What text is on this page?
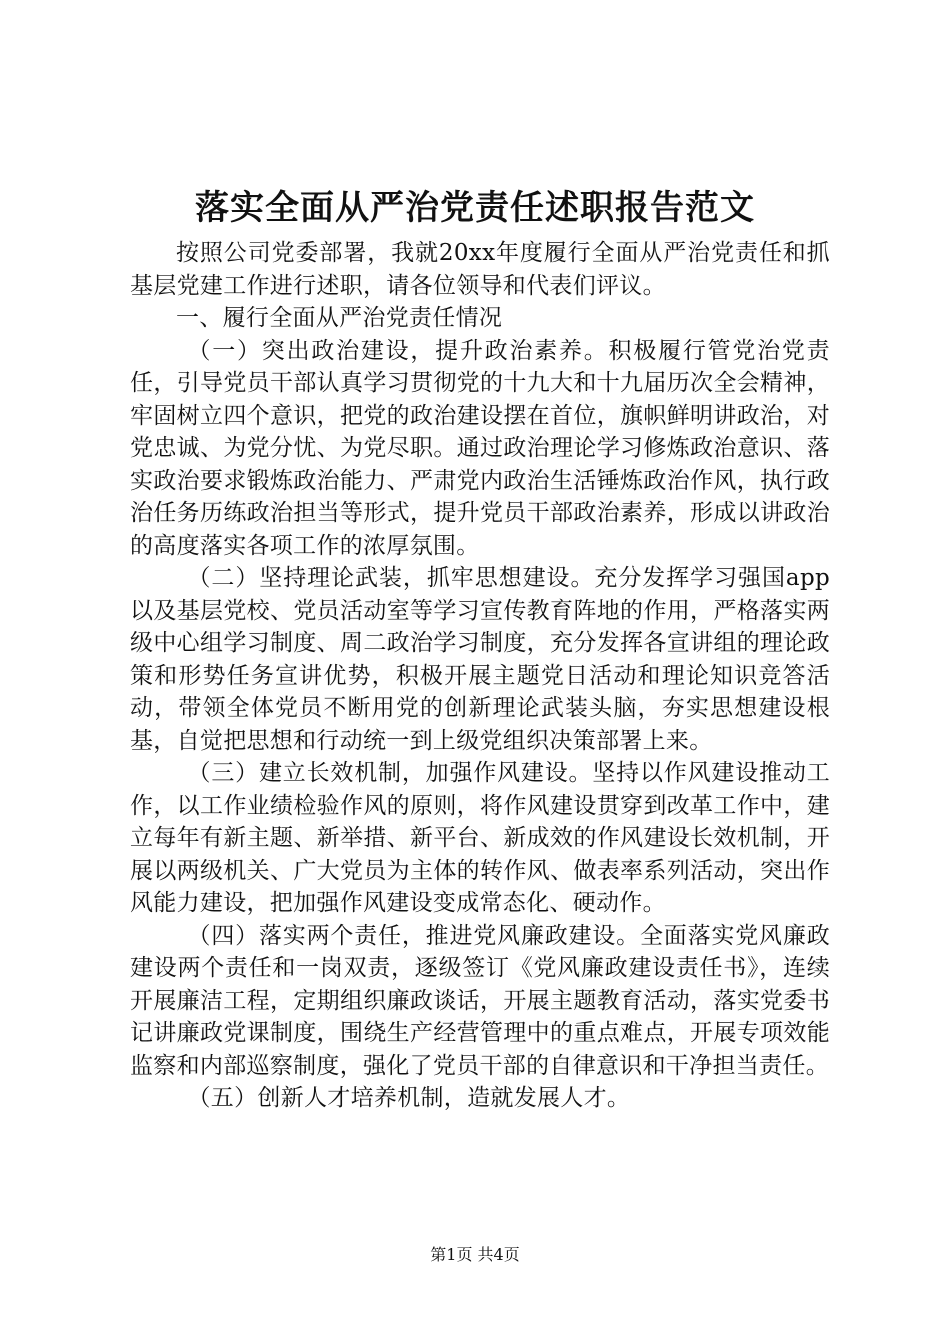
落实全面从严治党责任述职报告范文

按照公司党委部署，我就20xx年度履行全面从严治党责任和抓基层党建工作进行述职，请各位领导和代表们评议。

一、履行全面从严治党责任情况

（一）突出政治建设，提升政治素养。积极履行管党治党责任，引导党员干部认真学习贯彻党的十九大和十九届历次全会精神，牢固树立四个意识，把党的政治建设摆在首位，旗帜鲜明讲政治，对党忠诚、为党分忧、为党尽职。通过政治理论学习修炼政治意识、落实政治要求锻炼政治能力、严肃党内政治生活锤炼政治作风，执行政治任务历练政治担当等形式，提升党员干部政治素养，形成以讲政治的高度落实各项工作的浓厚氛围。

（二）坚持理论武装，抓牢思想建设。充分发挥学习强国app以及基层党校、党员活动室等学习宣传教育阵地的作用，严格落实两级中心组学习制度、周二政治学习制度，充分发挥各宣讲组的理论政策和形势任务宣讲优势，积极开展主题党日活动和理论知识竞答活动，带领全体党员不断用党的创新理论武装头脑，夯实思想建设根基，自觉把思想和行动统一到上级党组织决策部署上来。

（三）建立长效机制，加强作风建设。坚持以作风建设推动工作，以工作业绩检验作风的原则，将作风建设贯穿到改革工作中，建立每年有新主题、新举措、新平台、新成效的作风建设长效机制，开展以两级机关、广大党员为主体的转作风、做表率系列活动，突出作风能力建设，把加强作风建设变成常态化、硬动作。

（四）落实两个责任，推进党风廉政建设。全面落实党风廉政建设两个责任和一岗双责，逐级签订《党风廉政建设责任书》，连续开展廉洁工程，定期组织廉政谈话，开展主题教育活动，落实党委书记讲廉政党课制度，围绕生产经营管理中的重点难点，开展专项效能监察和内部巡察制度，强化了党员干部的自律意识和干净担当责任。

（五）创新人才培养机制，造就发展人才。

第1页 共4页
